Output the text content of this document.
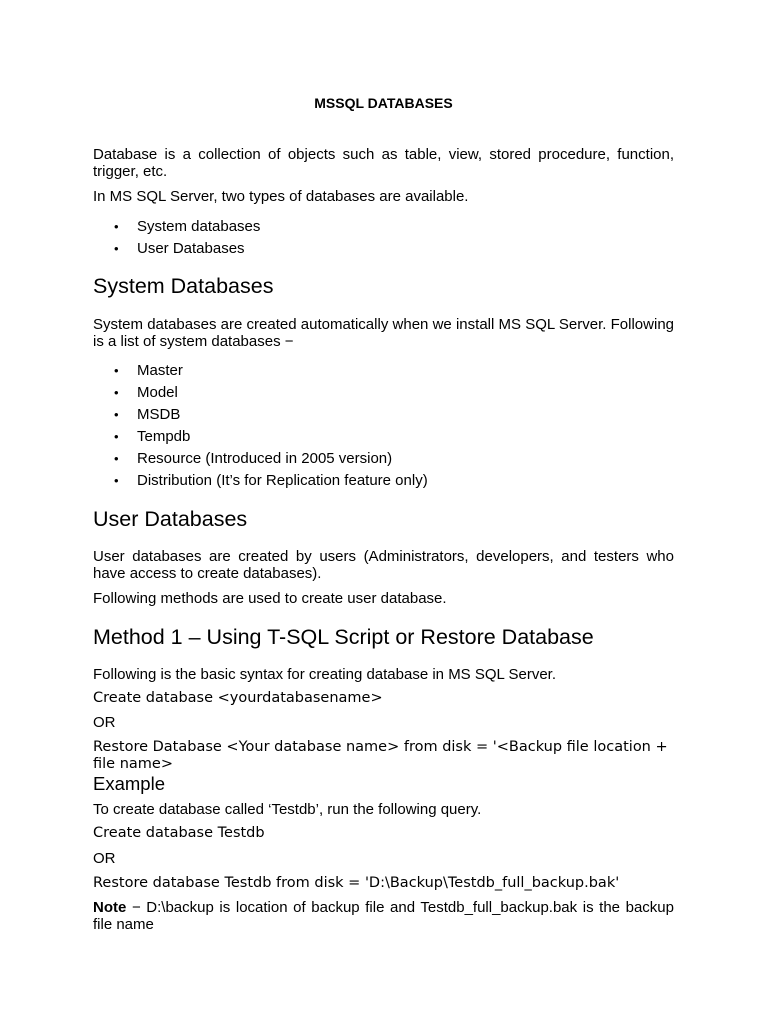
MSSQL DATABASES
Database is a collection of objects such as table, view, stored procedure, function, trigger, etc.
In MS SQL Server, two types of databases are available.
• System databases
• User Databases
System Databases
System databases are created automatically when we install MS SQL Server. Following is a list of system databases −
• Master
• Model
• MSDB
• Tempdb
• Resource (Introduced in 2005 version)
• Distribution (It’s for Replication feature only)
User Databases
User databases are created by users (Administrators, developers, and testers who have access to create databases).
Following methods are used to create user database.
Method 1 – Using T-SQL Script or Restore Database
Following is the basic syntax for creating database in MS SQL Server.
Create database <yourdatabasename>
OR
Restore Database <Your database name> from disk = '<Backup file location + file name>
Example
To create database called ‘Testdb’, run the following query.
Create database Testdb
OR
Restore database Testdb from disk = 'D:\Backup\Testdb_full_backup.bak'
Note − D:\backup is location of backup file and Testdb_full_backup.bak is the backup file name
